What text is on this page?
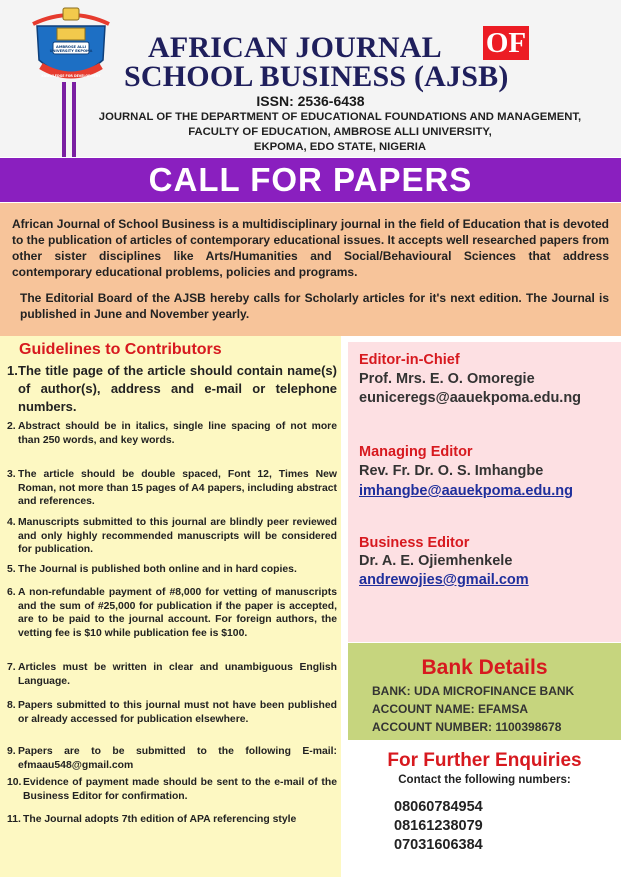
AMBROSE ALLI UNIVERSITY EKPOMA
KNOWLEDGE FOR DEVELOPMENT
AFRICAN JOURNAL OF
SCHOOL BUSINESS (AJSB)
ISSN: 2536-6438
JOURNAL OF THE DEPARTMENT OF EDUCATIONAL FOUNDATIONS AND MANAGEMENT,
FACULTY OF EDUCATION, AMBROSE ALLI UNIVERSITY,
EKPOMA, EDO STATE, NIGERIA
CALL FOR PAPERS

African Journal of School Business is a multidisciplinary journal in the field of Education that is devoted to the publication of articles of contemporary educational issues. It accepts well researched papers from other sister disciplines like Arts/Humanities and Social/Behavioural Sciences that address contemporary educational problems, policies and programs.

The Editorial Board of the AJSB hereby calls for Scholarly articles for it's next edition. The Journal is published in June and November yearly.

Guidelines to Contributors
1. The title page of the article should contain name(s) of author(s), address and e-mail or telephone numbers.
2. Abstract should be in italics, single line spacing of not more than 250 words, and key words.
3. The article should be double spaced, Font 12, Times New Roman, not more than 15 pages of A4 papers, including abstract and references.
4. Manuscripts submitted to this journal are blindly peer reviewed and only highly recommended manuscripts will be considered for publication.
5. The Journal is published both online and in hard copies.
6. A non-refundable payment of #8,000 for vetting of manuscripts and the sum of #25,000 for publication if the paper is accepted, are to be paid to the journal account. For foreign authors, the vetting fee is $10 while publication fee is $100.
7. Articles must be written in clear and unambiguous English Language.
8. Papers submitted to this journal must not have been published or already accessed for publication elsewhere.
9. Papers are to be submitted to the following E-mail: efmaau548@gmail.com
10. Evidence of payment made should be sent to the e-mail of the Business Editor for confirmation.
11. The Journal adopts 7th edition of APA referencing style
Editor-in-Chief
Prof. Mrs. E. O. Omoregie
euniceregs@aauekpoma.edu.ng
Managing Editor
Rev. Fr. Dr. O. S. Imhangbe
imhangbe@aauekpoma.edu.ng
Business Editor
Dr. A. E. Ojiemhenkele
andrewojies@gmail.com
Bank Details
BANK: UDA MICROFINANCE BANK
ACCOUNT NAME: EFAMSA
ACCOUNT NUMBER: 1100398678
For Further Enquiries
Contact the following numbers:
08060784954
08161238079
07031606384
